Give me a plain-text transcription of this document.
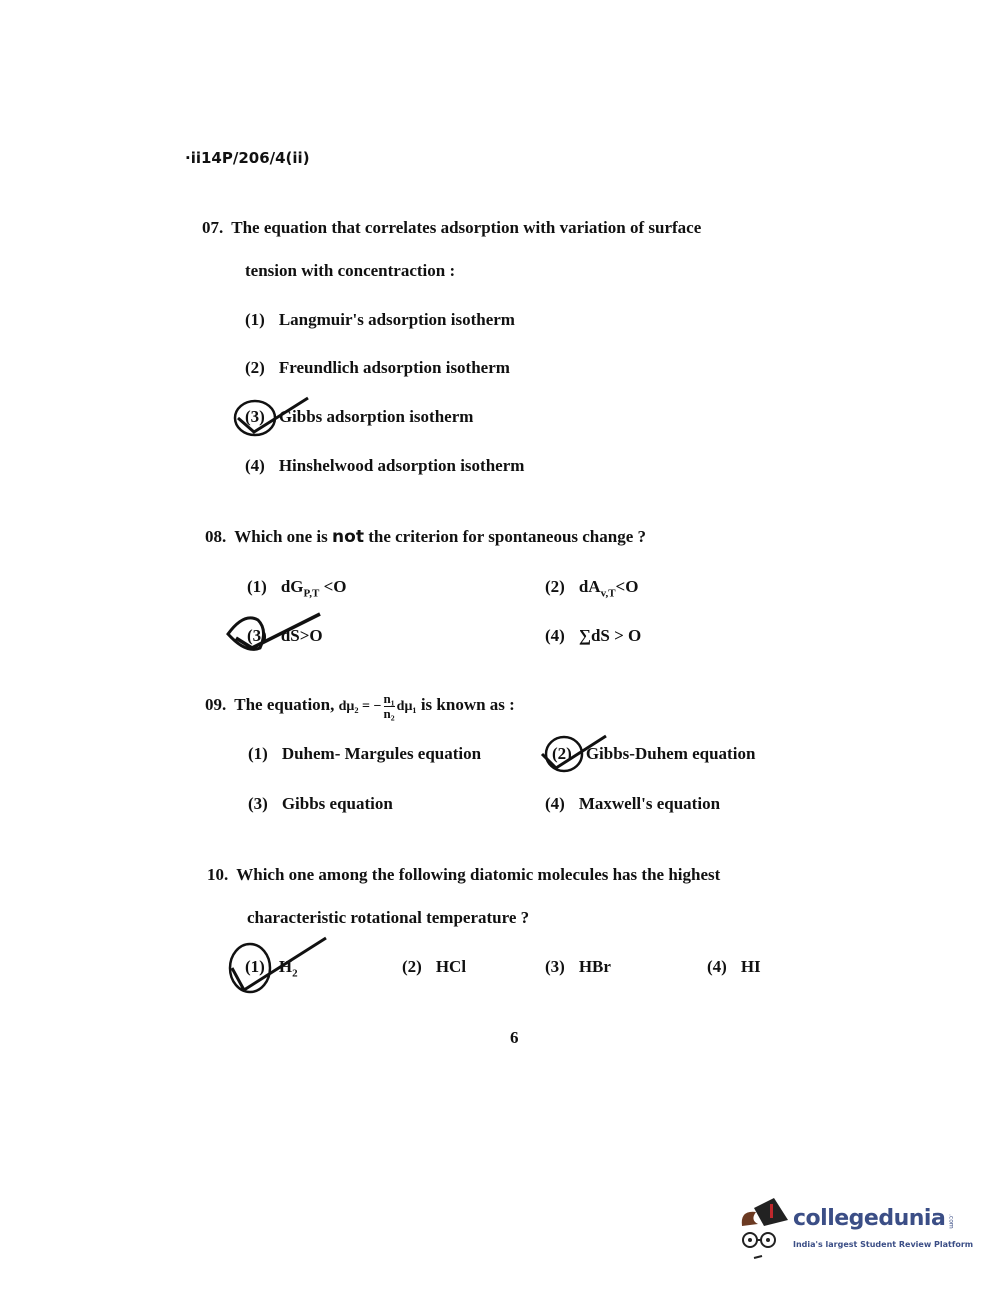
·ii14P/206/4(ii)
07. The equation that correlates adsorption with variation of surface
tension with concentraction :
(1) Langmuir's adsorption isotherm
(2) Freundlich adsorption isotherm
(3) Gibbs adsorption isotherm
(4) Hinshelwood adsorption isotherm
08. Which one is not the criterion for spontaneous change ?
(1) $dG_{P,T} <O$	(2) $dA_{v,T}<O$
(3) dS>O	(4) ∑dS > O
09. The equation, dμ₂ = − $\frac{\text{n₁}}{\text{n₂}} d\mu_1$ is known as :
(1) Duhem- Margules equation	(2) Gibbs-Duhem equation
(3) Gibbs equation	(4) Maxwell's equation
10. Which one among the following diatomic molecules has the highest
characteristic rotational temperature ?
(1) $H_2$	(2) HCl	(3) HBr	(4) HI
6
collegedunia .com
India's largest Student Review Platform
